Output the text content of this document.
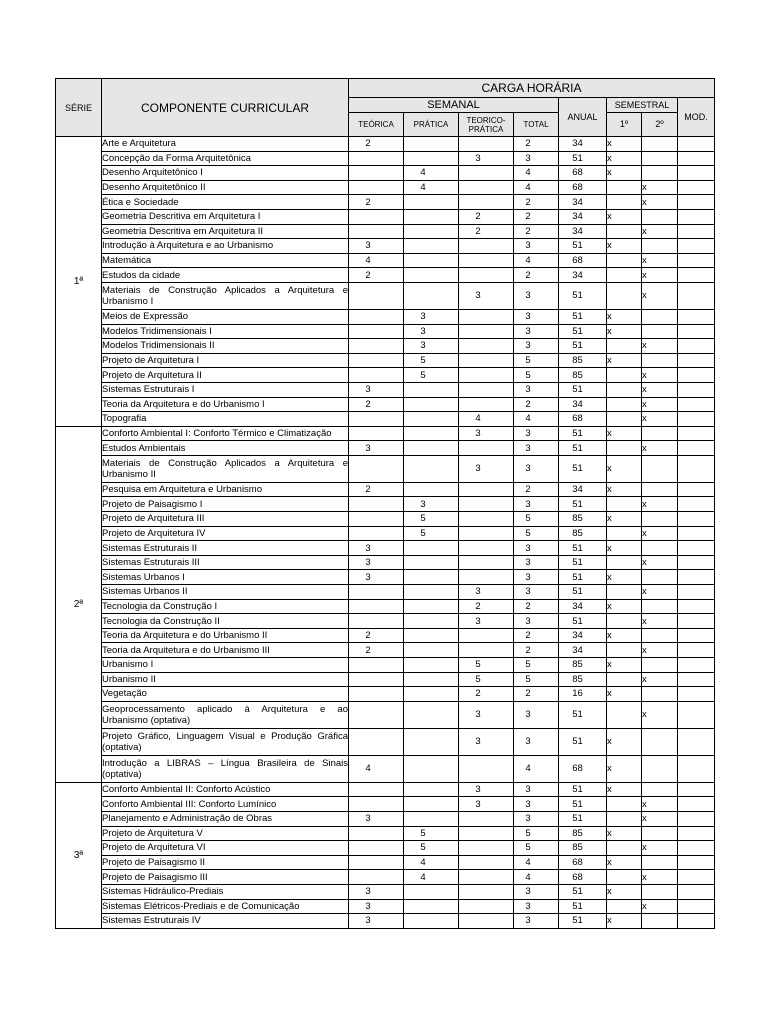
SÉRIE	COMPONENTE CURRICULAR	CARGA HORÁRIA							
		SEMANAL				ANUAL	SEMESTRAL		MOD.
		TEÓRICA	PRÁTICA	TEORICO-PRÁTICA	TOTAL		1º	2º	
1ª	Arte e Arquitetura	2			2	34	x		

	Concepção da Forma Arquitetônica			3	3	51	x		

	Desenho Arquitetônico I		4		4	68	x		

	Desenho Arquitetônico II		4		4	68		x	

	Ética e Sociedade	2			2	34		x	

	Geometria Descritiva em Arquitetura I			2	2	34	x		

	Geometria Descritiva em Arquitetura II			2	2	34		x	

	Introdução à Arquitetura e ao Urbanismo	3			3	51	x		

	Matemática	4			4	68		x	

	Estudos da cidade	2			2	34		x	

	Materiais de Construção Aplicados a Arquitetura e Urbanismo I			3	3	51		x	

	Meios de Expressão		3		3	51	x		

	Modelos Tridimensionais I		3		3	51	x		

	Modelos Tridimensionais II		3		3	51		x	

	Projeto de Arquitetura I		5		5	85	x		

	Projeto de Arquitetura II		5		5	85		x	

	Sistemas Estruturais I	3			3	51		x	

	Teoria da Arquitetura e do Urbanismo I	2			2	34		x	

	Topografia			4	4	68		x	
2ª	Conforto Ambiental I: Conforto Térmico e Climatização			3	3	51	x		

	Estudos Ambientais	3			3	51		x	

	Materiais de Construção Aplicados a Arquitetura e Urbanismo II			3	3	51	x		

	Pesquisa em Arquitetura e Urbanismo	2			2	34	x		

	Projeto de Paisagismo I		3		3	51		x	

	Projeto de Arquitetura III		5		5	85	x		

	Projeto de Arquitetura IV		5		5	85		x	

	Sistemas Estruturais II	3			3	51	x		

	Sistemas Estruturais III	3			3	51		x	

	Sistemas Urbanos I	3			3	51	x		

	Sistemas Urbanos II			3	3	51		x	

	Tecnologia da Construção I			2	2	34	x		

	Tecnologia da Construção II			3	3	51		x	

	Teoria da Arquitetura e do Urbanismo II	2			2	34	x		

	Teoria da Arquitetura e do Urbanismo III	2			2	34		x	

	Urbanismo I			5	5	85	x		

	Urbanismo II			5	5	85		x	

	Vegetação			2	2	16	x		

	Geoprocessamento aplicado à Arquitetura e ao Urbanismo (optativa)			3	3	51		x	

	Projeto Gráfico, Linguagem Visual e Produção Gráfica (optativa)			3	3	51	x		

	Introdução a LIBRAS – Língua Brasileira de Sinais (optativa)	4			4	68	x		
3ª	Conforto Ambiental II: Conforto Acústico			3	3	51	x		

	Conforto Ambiental III: Conforto Lumínico			3	3	51		x	

	Planejamento e Administração de Obras	3			3	51		x	

	Projeto de Arquitetura V		5		5	85	x		

	Projeto de Arquitetura VI		5		5	85		x	

	Projeto de Paisagismo II		4		4	68	x		

	Projeto de Paisagismo III		4		4	68		x	

	Sistemas Hidráulico-Prediais	3			3	51	x		

	Sistemas Elétricos-Prediais e de Comunicação	3			3	51		x	

	Sistemas Estruturais IV	3			3	51	x		
